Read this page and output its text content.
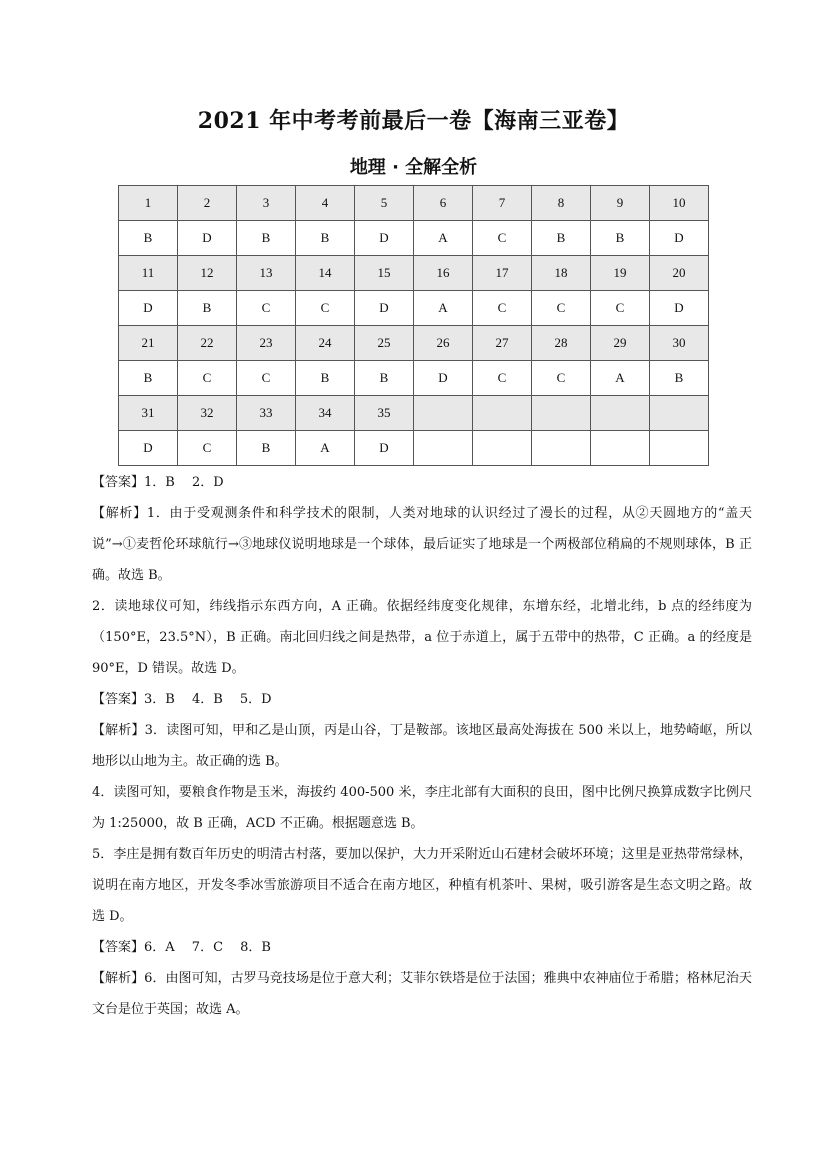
2021 年中考考前最后一卷【海南三亚卷】
地理 · 全解全析
1	2	3	4	5	6	7	8	9	10
B	D	B	B	D	A	C	B	B	D
11	12	13	14	15	16	17	18	19	20
D	B	C	C	D	A	C	C	C	D
21	22	23	24	25	26	27	28	29	30
B	C	C	B	B	D	C	C	A	B
31	32	33	34	35					
D	C	B	A	D					

【答案】1．B　 2．D

【解析】1．由于受观测条件和科学技术的限制，人类对地球的认识经过了漫长的过程，从②天圆地方的“盖天说”→①麦哲伦环球航行→③地球仪说明地球是一个球体，最后证实了地球是一个两极部位稍扁的不规则球体，B 正确。故选 B。

2．读地球仪可知，纬线指示东西方向，A 正确。依据经纬度变化规律，东增东经，北增北纬，b 点的经纬度为（150°E，23.5°N），B 正确。南北回归线之间是热带，a 位于赤道上，属于五带中的热带，C 正确。a 的经度是 90°E，D 错误。故选 D。

【答案】3．B　 4．B　 5．D

【解析】3．读图可知，甲和乙是山顶，丙是山谷，丁是鞍部。该地区最高处海拔在 500 米以上，地势崎岖，所以地形以山地为主。故正确的选 B。

4．读图可知，要粮食作物是玉米，海拔约 400-500 米，李庄北部有大面积的良田，图中比例尺换算成数字比例尺为 1:25000，故 B 正确，ACD 不正确。根据题意选 B。

5．李庄是拥有数百年历史的明清古村落，要加以保护，大力开采附近山石建材会破坏环境；这里是亚热带常绿林，说明在南方地区，开发冬季冰雪旅游项目不适合在南方地区，种植有机茶叶、果树，吸引游客是生态文明之路。故选 D。

【答案】6．A　 7．C　 8．B

【解析】6．由图可知，古罗马竞技场是位于意大利；艾菲尔铁塔是位于法国；雅典中农神庙位于希腊；格林尼治天文台是位于英国；故选 A。
